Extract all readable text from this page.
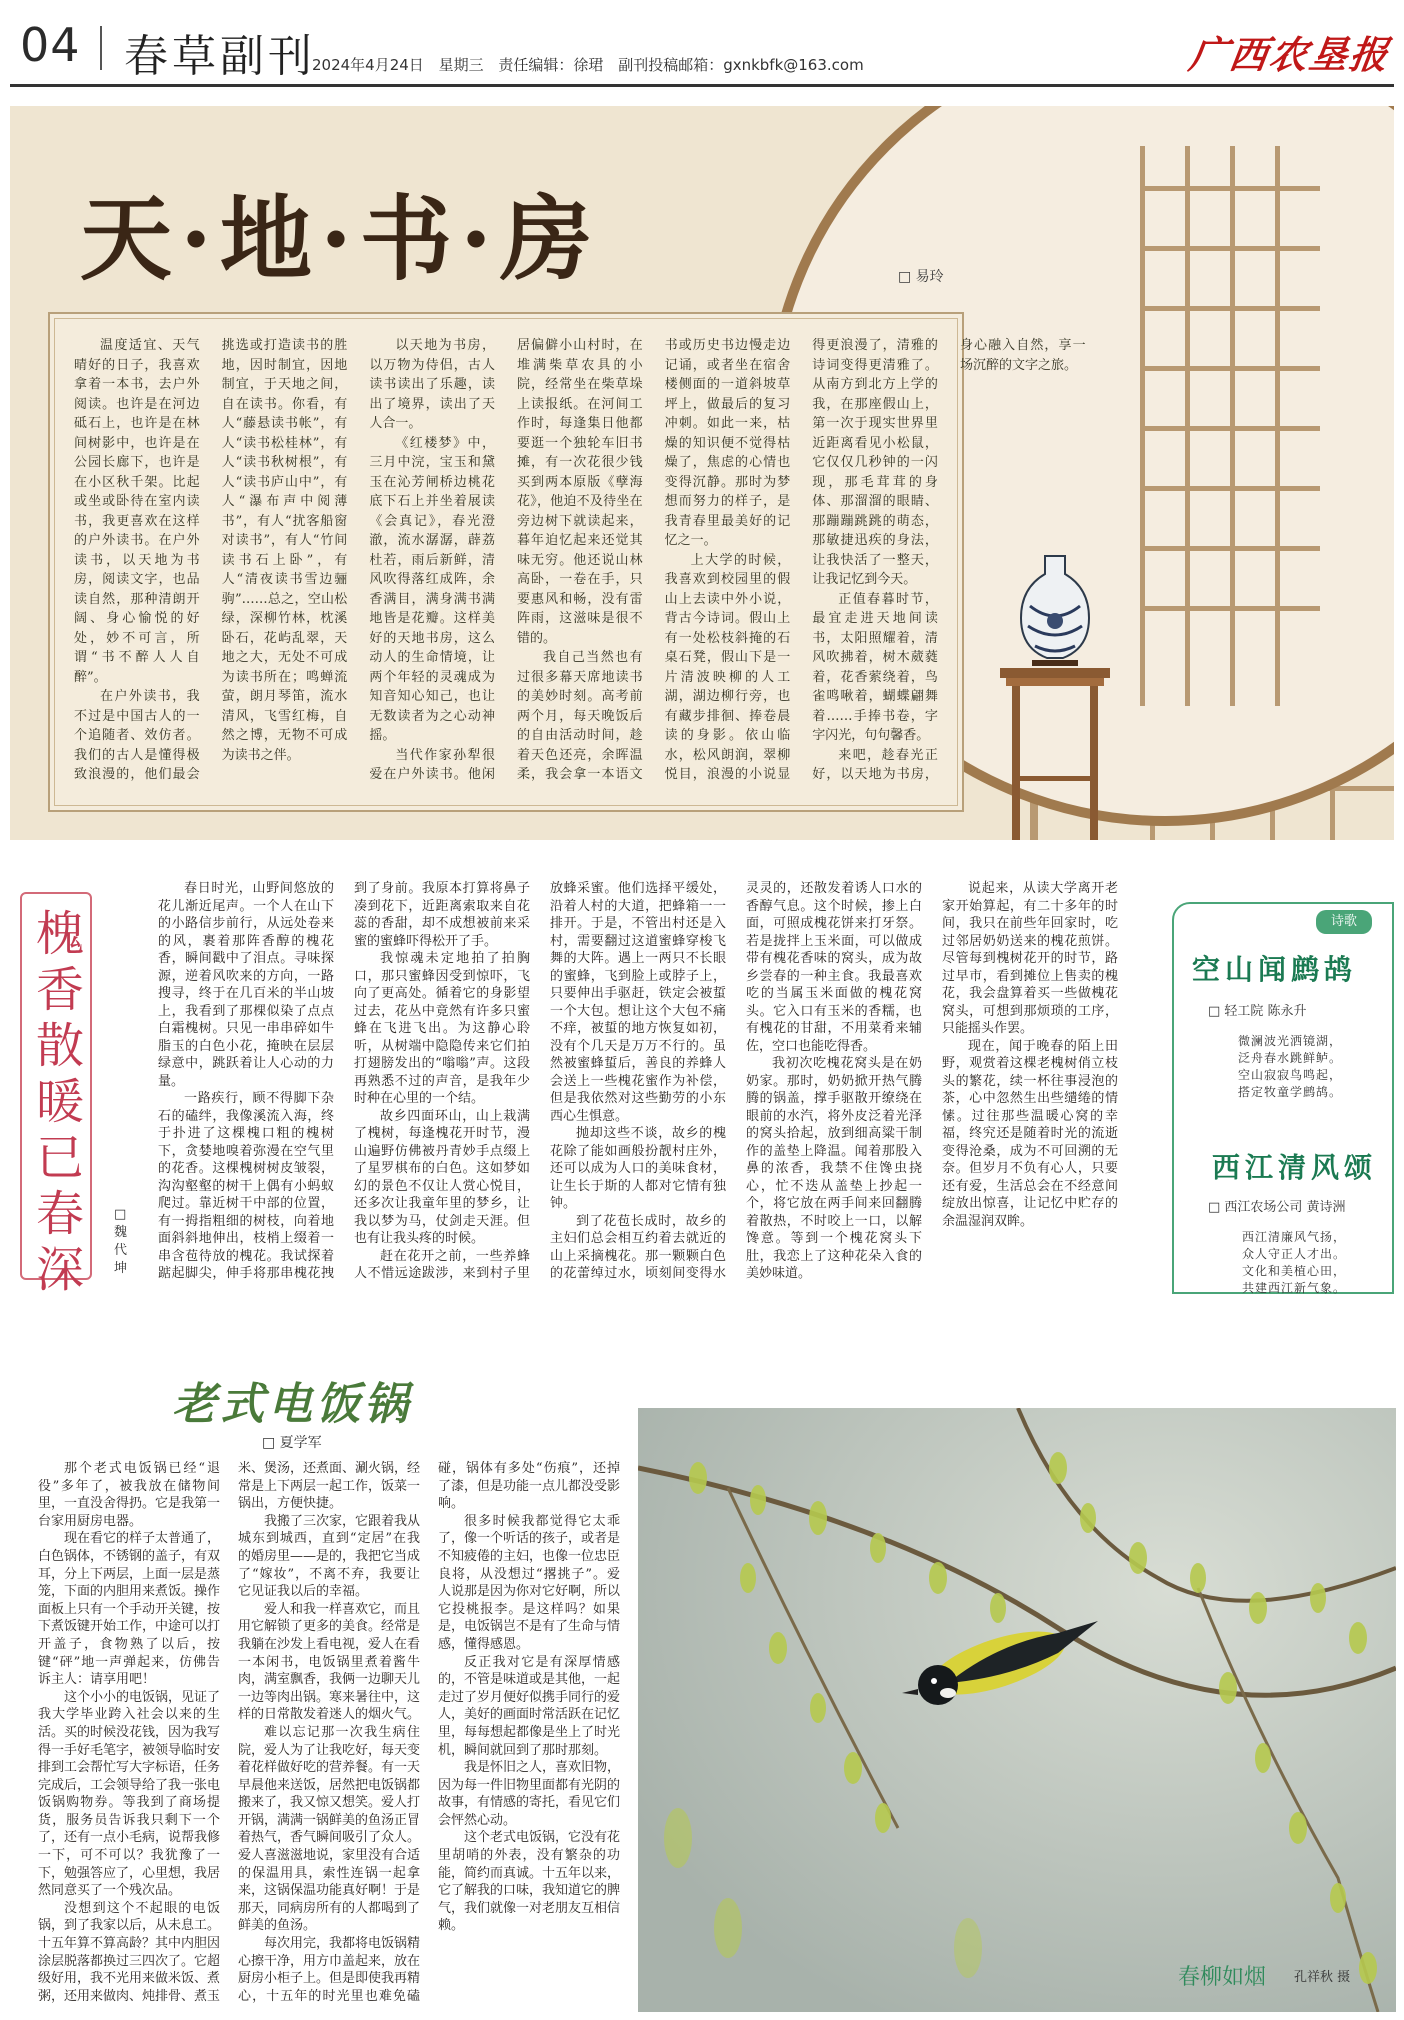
04 春草副刊
2024年4月24日 星期三 责任编辑：徐珺 副刊投稿邮箱：gxnkbfk@163.com	广西农垦报
天·地·书·房	□ 易玲

温度适宜、天气晴好的日子，我喜欢拿着一本书，去户外阅读。也许是在河边砥石上，也许是在林间树影中，也许是在公园长廊下，也许是在小区秋千架。比起或坐或卧待在室内读书，我更喜欢在这样的户外读书。在户外读书，以天地为书房，阅读文字，也品读自然，那种清朗开阔、身心愉悦的好处，妙不可言，所谓“书不醉人人自醉”。

在户外读书，我不过是中国古人的一个追随者、效仿者。我们的古人是懂得极致浪漫的，他们最会挑选或打造读书的胜地，因时制宜，因地制宜，于天地之间，自在读书。你看，有人“藤悬读书帐”，有人“读书松桂林”，有人“读书秋树根”，有人“读书庐山中”，有人“瀑布声中阅薄书”，有人“扰客船窗对读书”，有人“竹间读书石上卧”，有人“清夜读书雪边骊驹”……总之，空山松绿，深柳竹林，枕溪卧石，花屿乱翠，天地之大，无处不可成为读书所在；鸣蝉流萤，朗月琴笛，流水清风，飞雪红梅，自然之博，无物不可成为读书之伴。

以天地为书房，以万物为侍侣，古人读书读出了乐趣，读出了境界，读出了天人合一。

《红楼梦》中，三月中浣，宝玉和黛玉在沁芳闸桥边桃花底下石上并坐着展读《会真记》，春光澄澈，流水潺潺，薜荔杜若，雨后新鲜，清风吹得落红成阵，余香满目，满身满书满地皆是花瓣。这样美好的天地书房，这么动人的生命情境，让两个年轻的灵魂成为知音知心知己，也让无数读者为之心动神摇。

当代作家孙犁很爱在户外读书。他闲居偏僻小山村时，在堆满柴草农具的小院，经常坐在柴草垛上读报纸。在河间工作时，每逢集日他都要逛一个独轮车旧书摊，有一次花很少钱买到两本原版《孽海花》，他迫不及待坐在旁边树下就读起来，暮年迫忆起来还觉其味无穷。他还说山林高卧，一卷在手，只要惠风和畅，没有雷阵雨，这滋味是很不错的。

我自己当然也有过很多幕天席地读书的美妙时刻。高考前两个月，每天晚饭后的自由活动时间，趁着天色还亮，余晖温柔，我会拿一本语文书或历史书边慢走边记诵，或者坐在宿舍楼侧面的一道斜坡草坪上，做最后的复习冲刺。如此一来，枯燥的知识便不觉得枯燥了，焦虑的心情也变得沉静。那时为梦想而努力的样子，是我青春里最美好的记忆之一。

上大学的时候，我喜欢到校园里的假山上去读中外小说，背古今诗词。假山上有一处松枝斜掩的石桌石凳，假山下是一片清波映柳的人工湖，湖边柳行旁，也有藏步排徊、捧卷晨读的身影。依山临水，松风朗润，翠柳悦目，浪漫的小说显得更浪漫了，清雅的诗词变得更清雅了。从南方到北方上学的我，在那座假山上，第一次于现实世界里近距离看见小松鼠，它仅仅几秒钟的一闪现，那毛茸茸的身体、那溜溜的眼睛、那蹦蹦跳跳的萌态，那敏捷迅疾的身法，让我快活了一整天，让我记忆到今天。

正值春暮时节，最宜走进天地间读书，太阳照耀着，清风吹拂着，树木葳蕤着，花香萦绕着，鸟雀鸣啾着，蝴蝶翩舞着……手捧书卷，字字闪光，句句馨香。

来吧，趁春光正好，以天地为书房，身心融入自然，享一场沉醉的文字之旅。

槐
香
散
暖
已
春
深
□ 魏代坤

春日时光，山野间悠放的花儿渐近尾声。一个人在山下的小路信步前行，从远处卷来的风，裹着那阵香醇的槐花香，瞬间戳中了泪点。寻味探源，逆着风吹来的方向，一路搜寻，终于在几百米的半山坡上，我看到了那棵似染了点点白霜槐树。只见一串串碎如牛脂玉的白色小花，掩映在层层绿意中，跳跃着让人心动的力量。

一路疾行，顾不得脚下杂石的磕绊，我像溪流入海，终于扑进了这棵槐口粗的槐树下，贪婪地嗅着弥漫在空气里的花香。这棵槐树树皮皱裂，沟沟壑壑的树干上偶有小蚂蚁爬过。靠近树干中部的位置，有一拇指粗细的树枝，向着地面斜斜地伸出，枝梢上缀着一串含苞待放的槐花。我试探着踮起脚尖，伸手将那串槐花拽到了身前。我原本打算将鼻子凑到花下，近距离索取来自花蕊的香甜，却不成想被前来采蜜的蜜蜂吓得松开了手。

我惊魂未定地拍了拍胸口，那只蜜蜂因受到惊吓，飞向了更高处。循着它的身影望过去，花丛中竟然有许多只蜜蜂在飞进飞出。为这静心聆听，从树端中隐隐传来它们拍打翅膀发出的“嗡嗡”声。这段再熟悉不过的声音，是我年少时种在心里的一个结。

故乡四面环山，山上栽满了槐树，每逢槐花开时节，漫山遍野仿佛被丹青妙手点缀上了星罗棋布的白色。这如梦如幻的景色不仅让人赏心悦目，还多次让我童年里的梦乡，让我以梦为马，仗剑走天涯。但也有让我头疼的时候。

赶在花开之前，一些养蜂人不惜远途跋涉，来到村子里放蜂采蜜。他们选择平缓处，沿着人村的大道，把蜂箱一一排开。于是，不管出村还是入村，需要翻过这道蜜蜂穿梭飞舞的大阵。遇上一两只不长眼的蜜蜂，飞到脸上或脖子上，只要伸出手驱赶，铁定会被蜇一个大包。想让这个大包不痛不痒，被蜇的地方恢复如初，没有个几天是万万不行的。虽然被蜜蜂蜇后，善良的养蜂人会送上一些槐花蜜作为补偿，但是我依然对这些勤劳的小东西心生惧意。

抛却这些不谈，故乡的槐花除了能如画般扮靓村庄外，还可以成为人口的美味食材，让生长于斯的人都对它情有独钟。

到了花苞长成时，故乡的主妇们总会相互约着去就近的山上采摘槐花。那一颗颗白色的花蕾绰过水，顷刻间变得水灵灵的，还散发着诱人口水的香醇气息。这个时候，掺上白面，可照成槐花饼来打牙祭。若是拢拌上玉米面，可以做成带有槐花香味的窝头，成为故乡尝春的一种主食。我最喜欢吃的当属玉米面做的槐花窝头。它入口有玉米的香糯，也有槐花的甘甜，不用菜肴来辅佐，空口也能吃得香。

我初次吃槐花窝头是在奶奶家。那时，奶奶掀开热气腾腾的锅盖，撑手驱散开缭绕在眼前的水汽，将外皮泛着光泽的窝头拾起，放到细高粱干制作的盖垫上降温。闻着那股入鼻的浓香，我禁不住馋虫挠心，忙不迭从盖垫上抄起一个，将它放在两手间来回翻腾着散热，不时咬上一口，以解馋意。等到一个槐花窝头下肚，我恋上了这种花朵入食的美妙味道。

说起来，从读大学离开老家开始算起，有二十多年的时间，我只在前些年回家时，吃过邻居奶奶送来的槐花煎饼。尽管每到槐树花开的时节，路过早市，看到摊位上售卖的槐花，我会盘算着买一些做槐花窝头，可想到那烦琐的工序，只能摇头作罢。

现在，闻于晚春的陌上田野，观赏着这棵老槐树俏立枝头的繁花，续一杯往事浸泡的茶，心中忽然生出些缱绻的情愫。过往那些温暖心窝的幸福，终究还是随着时光的流逝变得沧桑，成为不可回溯的无奈。但岁月不负有心人，只要还有爱，生活总会在不经意间绽放出惊喜，让记忆中贮存的余温湿润双眸。

诗歌
空山闻鹧鸪
□ 轻工院 陈永升
微澜波光洒镜湖，
泛舟春水跳鲜鲈。
空山寂寂鸟鸣起，
搭定牧童学鹧鸪。
西江清风颂
□ 西江农场公司 黄诗洲
西江清廉风气扬，
众人守正人才出。
文化和美植心田，
共建西江新气象。
老式电饭锅
□ 夏学军

那个老式电饭锅已经“退役”多年了，被我放在储物间里，一直没舍得扔。它是我第一台家用厨房电器。

现在看它的样子太普通了，白色锅体，不锈钢的盖子，有双耳，分上下两层，上面一层是蒸笼，下面的内胆用来煮饭。操作面板上只有一个手动开关键，按下煮饭键开始工作，中途可以打开盖子，食物熟了以后，按键“砰”地一声弹起来，仿佛告诉主人：请享用吧！

这个小小的电饭锅，见证了我大学毕业跨入社会以来的生活。买的时候没花钱，因为我写得一手好毛笔字，被领导临时安排到工会帮忙写大字标语，任务完成后，工会领导给了我一张电饭锅购物券。等我到了商场提货，服务员告诉我只剩下一个了，还有一点小毛病，说帮我修一下，可不可以？我犹豫了一下，勉强答应了，心里想，我居然同意买了一个残次品。

没想到这个不起眼的电饭锅，到了我家以后，从未息工。十五年算不算高龄？其中内胆因涂层脱落都换过三四次了。它超级好用，我不光用来做米饭、煮粥，还用来做肉、炖排骨、煮玉米、煲汤，还煮面、涮火锅，经常是上下两层一起工作，饭菜一锅出，方便快捷。

我搬了三次家，它跟着我从城东到城西，直到“定居”在我的婚房里——是的，我把它当成了“嫁妆”，不离不弃，我要让它见证我以后的幸福。

爱人和我一样喜欢它，而且用它解锁了更多的美食。经常是我躺在沙发上看电视，爱人在看一本闲书，电饭锅里煮着酱牛肉，满室飘香，我俩一边聊天儿一边等肉出锅。寒来暑往中，这样的日常散发着迷人的烟火气。

难以忘记那一次我生病住院，爱人为了让我吃好，每天变着花样做好吃的营养餐。有一天早晨他来送饭，居然把电饭锅都搬来了，我又惊又想笑。爱人打开锅，满满一锅鲜美的鱼汤正冒着热气，香气瞬间吸引了众人。爱人喜滋滋地说，家里没有合适的保温用具，索性连锅一起拿来，这锅保温功能真好啊！于是那天，同病房所有的人都喝到了鲜美的鱼汤。

每次用完，我都将电饭锅精心擦干净，用方巾盖起来，放在厨房小柜子上。但是即使我再精心，十五年的时光里也难免磕碰，锅体有多处“伤痕”，还掉了漆，但是功能一点儿都没受影响。

很多时候我都觉得它太乖了，像一个听话的孩子，或者是不知疲倦的主妇，也像一位忠臣良将，从没想过“撂挑子”。爱人说那是因为你对它好啊，所以它投桃报李。是这样吗？如果是，电饭锅岂不是有了生命与情感，懂得感恩。

反正我对它是有深厚情感的，不管是味道或是其他，一起走过了岁月便好似携手同行的爱人，美好的画面时常活跃在记忆里，每每想起都像是坐上了时光机，瞬间就回到了那时那刻。

我是怀旧之人，喜欢旧物，因为每一件旧物里面都有光阴的故事，有情感的寄托，看见它们会怦然心动。

这个老式电饭锅，它没有花里胡哨的外表，没有繁杂的功能，简约而真诚。十五年以来，它了解我的口味，我知道它的脾气，我们就像一对老朋友互相信赖。

春柳如烟 孔祥秋 摄
